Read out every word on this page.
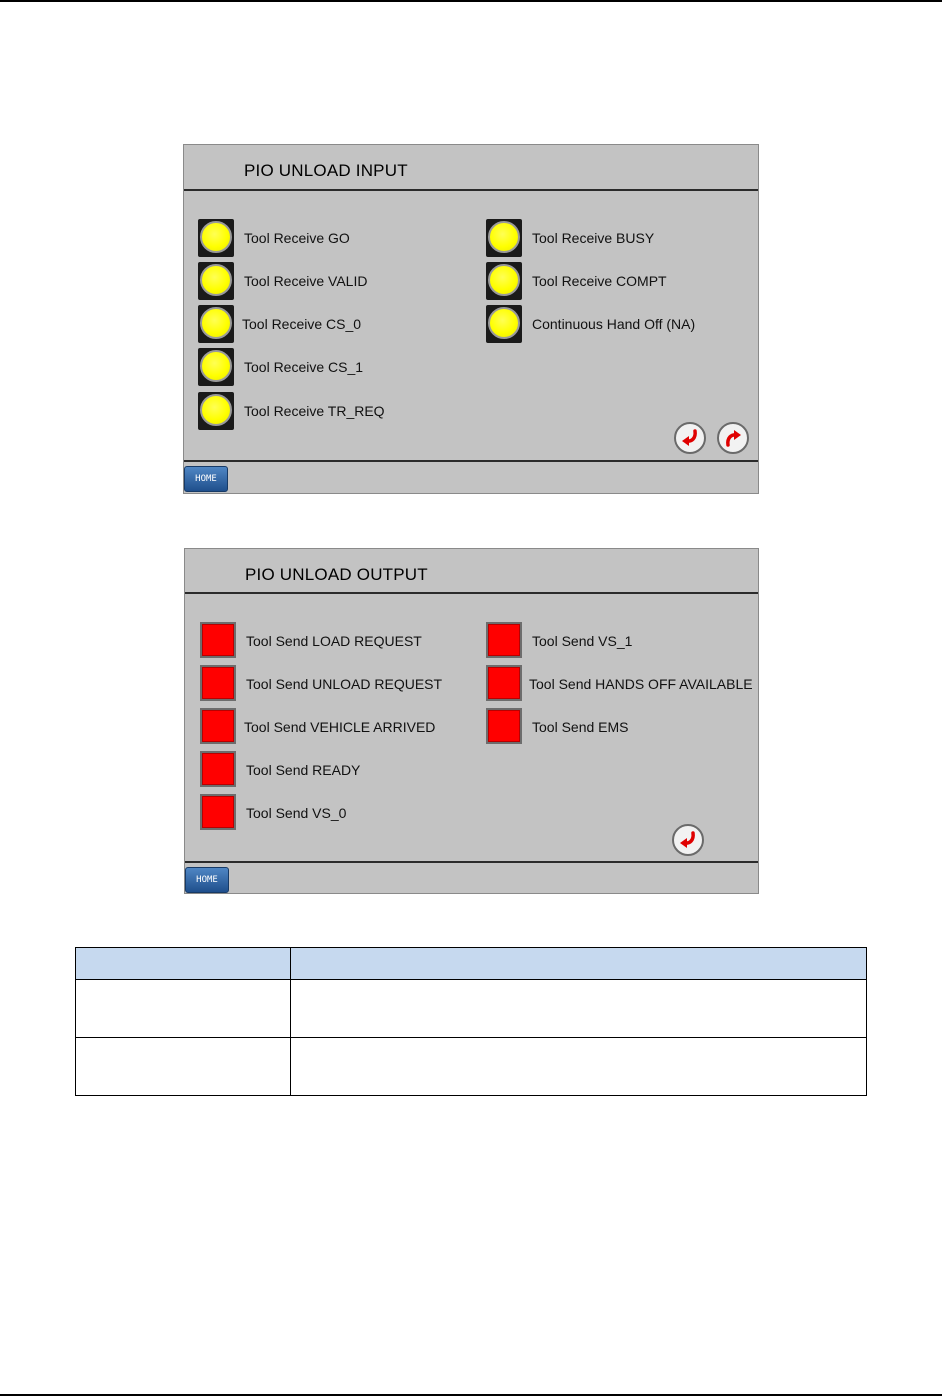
PIO UNLOAD INPUT
Tool Receive GO
Tool Receive VALID
Tool Receive CS_0
Tool Receive CS_1
Tool Receive TR_REQ
Tool Receive BUSY
Tool Receive COMPT
Continuous Hand Off (NA)
HOME
PIO UNLOAD OUTPUT
Tool Send LOAD REQUEST
Tool Send UNLOAD REQUEST
Tool Send VEHICLE ARRIVED
Tool Send READY
Tool Send VS_0
Tool Send VS_1
Tool Send HANDS OFF AVAILABLE
Tool Send EMS
HOME
